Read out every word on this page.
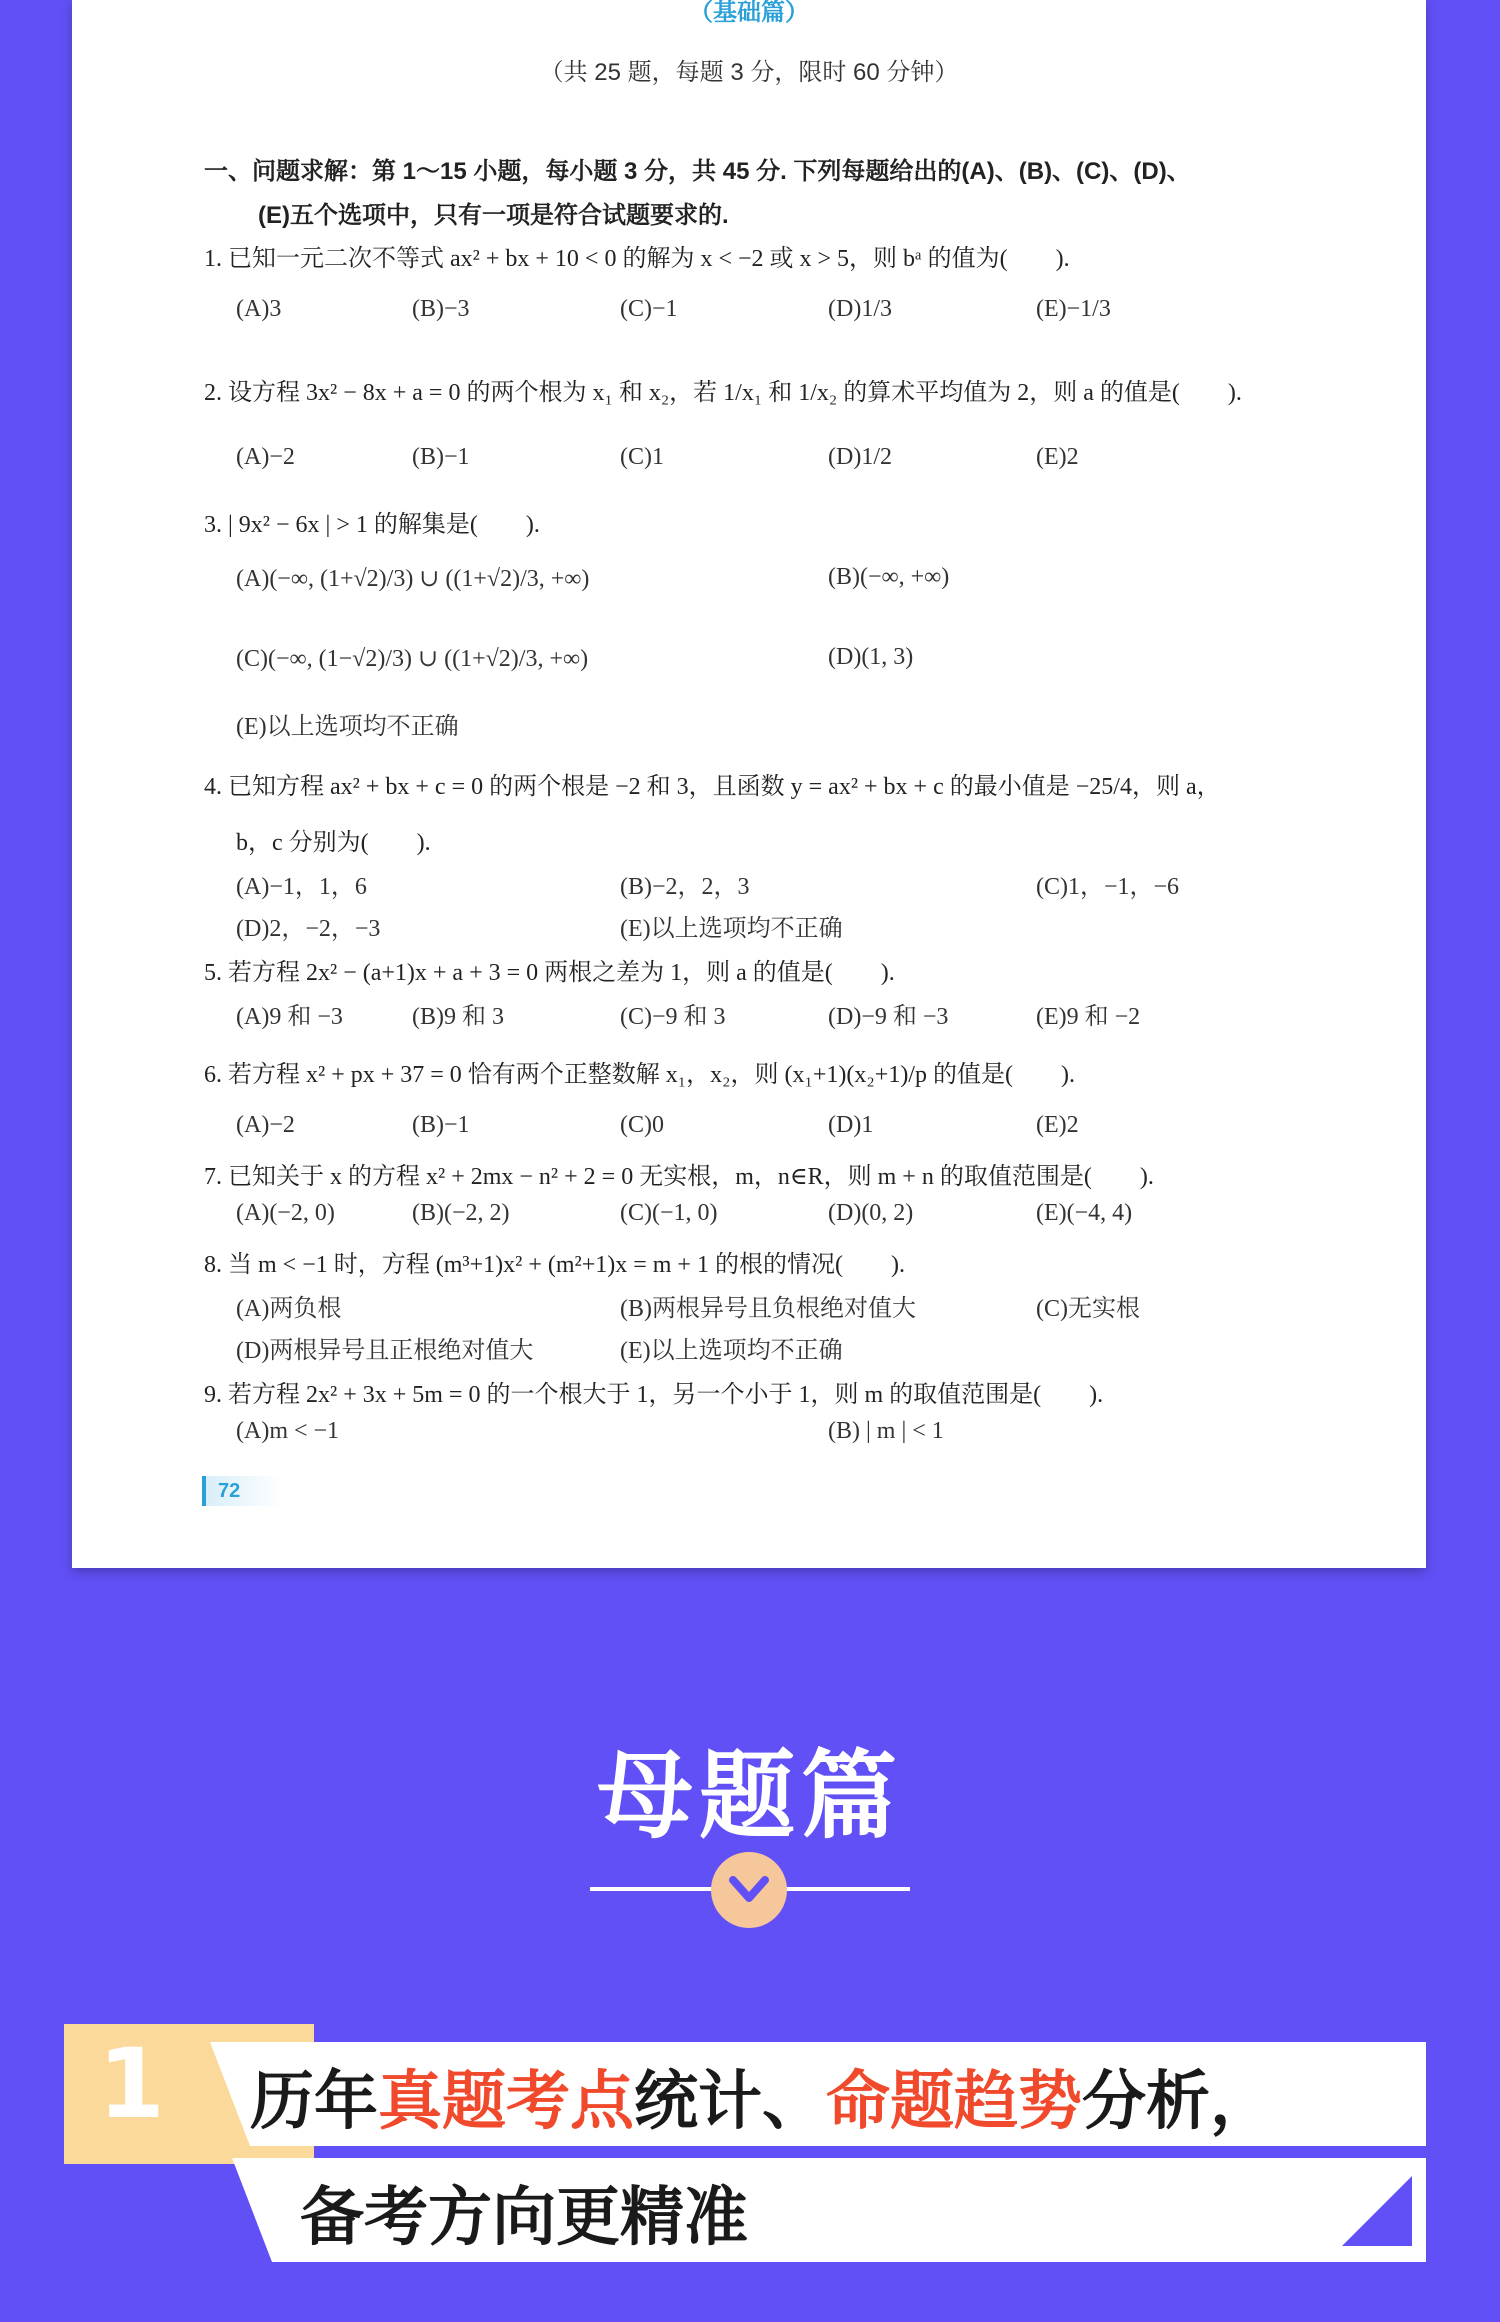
（基础篇）
（共 25 题，每题 3 分，限时 60 分钟）
一、问题求解：第 1～15 小题，每小题 3 分，共 45 分. 下列每题给出的(A)、(B)、(C)、(D)、
(E)五个选项中，只有一项是符合试题要求的.
1. 已知一元二次不等式 ax² + bx + 10 < 0 的解为 x < −2 或 x > 5，则 bᵃ 的值为(　　).
(A)3	(B)−3	(C)−1	(D)1/3	(E)−1/3
2. 设方程 3x² − 8x + a = 0 的两个根为 x₁ 和 x₂，若 1/x₁ 和 1/x₂ 的算术平均值为 2，则 a 的值是(　　).
(A)−2	(B)−1	(C)1	(D)1/2	(E)2
3. | 9x² − 6x | > 1 的解集是(　　).
(A)(−∞, (1+√2)/3) ∪ ((1+√2)/3, +∞)	(B)(−∞, +∞)
(C)(−∞, (1−√2)/3) ∪ ((1+√2)/3, +∞)	(D)(1, 3)
(E)以上选项均不正确
4. 已知方程 ax² + bx + c = 0 的两个根是 −2 和 3，且函数 y = ax² + bx + c 的最小值是 −25/4，则 a，
b，c 分别为(　　).
(A)−1，1，6	(B)−2，2，3	(C)1，−1，−6
(D)2，−2，−3	(E)以上选项均不正确
5. 若方程 2x² − (a+1)x + a + 3 = 0 两根之差为 1，则 a 的值是(　　).
(A)9 和 −3	(B)9 和 3	(C)−9 和 3	(D)−9 和 −3	(E)9 和 −2
6. 若方程 x² + px + 37 = 0 恰有两个正整数解 x₁，x₂，则 (x₁+1)(x₂+1)/p 的值是(　　).
(A)−2	(B)−1	(C)0	(D)1	(E)2
7. 已知关于 x 的方程 x² + 2mx − n² + 2 = 0 无实根，m，n∈R，则 m + n 的取值范围是(　　).
(A)(−2, 0)	(B)(−2, 2)	(C)(−1, 0)	(D)(0, 2)	(E)(−4, 4)
8. 当 m < −1 时，方程 (m³+1)x² + (m²+1)x = m + 1 的根的情况(　　).
(A)两负根	(B)两根异号且负根绝对值大	(C)无实根
(D)两根异号且正根绝对值大	(E)以上选项均不正确
9. 若方程 2x² + 3x + 5m = 0 的一个根大于 1，另一个小于 1，则 m 的取值范围是(　　).
(A)m < −1	(B) | m | < 1
72
母题篇
1 历年真题考点统计、命题趋势分析，
备考方向更精准
